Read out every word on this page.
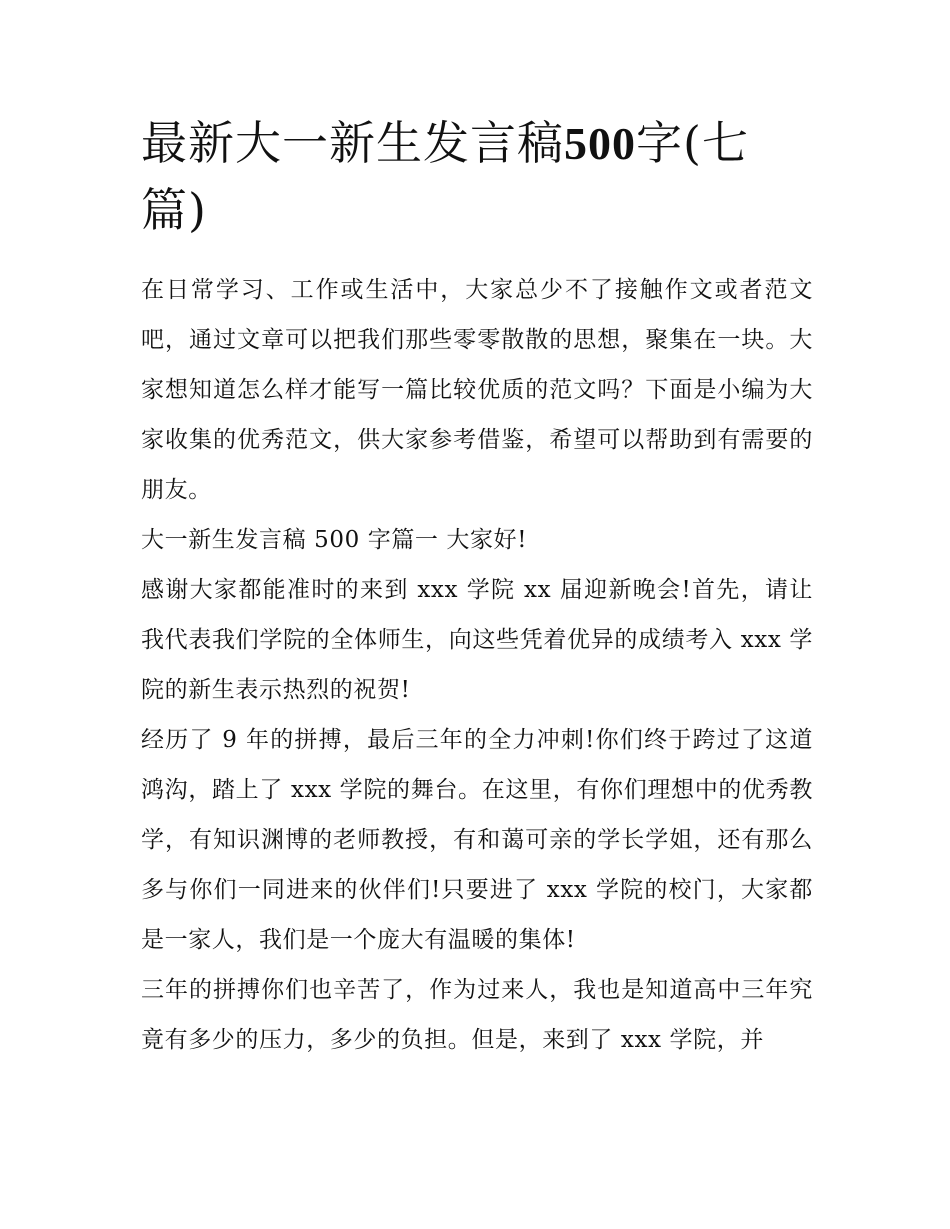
最新大一新生发言稿500字(七篇)

在日常学习、工作或生活中，大家总少不了接触作文或者范文吧，通过文章可以把我们那些零零散散的思想，聚集在一块。大家想知道怎么样才能写一篇比较优质的范文吗？下面是小编为大家收集的优秀范文，供大家参考借鉴，希望可以帮助到有需要的朋友。

大一新生发言稿 500 字篇一 大家好!

感谢大家都能准时的来到 xxx 学院 xx 届迎新晚会!首先，请让我代表我们学院的全体师生，向这些凭着优异的成绩考入 xxx 学院的新生表示热烈的祝贺!

经历了 9 年的拼搏，最后三年的全力冲刺!你们终于跨过了这道鸿沟，踏上了 xxx 学院的舞台。在这里，有你们理想中的优秀教学，有知识渊博的老师教授，有和蔼可亲的学长学姐，还有那么多与你们一同进来的伙伴们!只要进了 xxx 学院的校门，大家都是一家人，我们是一个庞大有温暖的集体!

三年的拼搏你们也辛苦了，作为过来人，我也是知道高中三年究竟有多少的压力，多少的负担。但是，来到了 xxx 学院，并
